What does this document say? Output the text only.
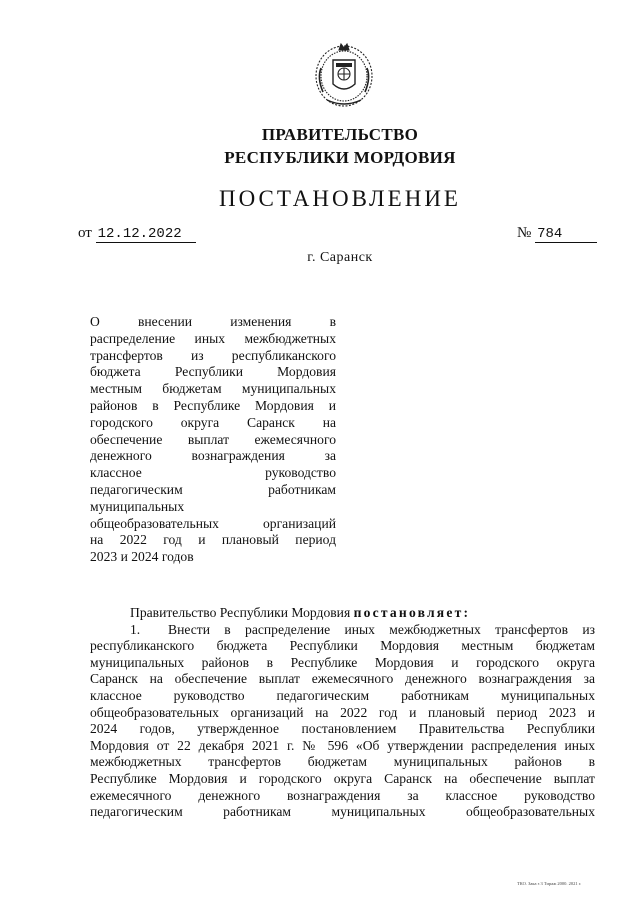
ПРАВИТЕЛЬСТВО
РЕСПУБЛИКИ МОРДОВИЯ
ПОСТАНОВЛЕНИЕ
от 12.12.2022	№ 784
г. Саранск
О внесении изменения в
распределение иных межбюджетных
трансфертов из республиканского
бюджета Республики Мордовия
местным бюджетам муниципальных
районов в Республике Мордовия и
городского округа Саранск на
обеспечение выплат ежемесячного
денежного вознаграждения за
классное руководство
педагогическим работникам
муниципальных
общеобразовательных организаций
на 2022 год и плановый период
2023 и 2024 годов
Правительство Республики Мордовия постановляет:
1. Внести в распределение иных межбюджетных трансфертов из
республиканского бюджета Республики Мордовия местным бюджетам
муниципальных районов в Республике Мордовия и городского округа
Саранск на обеспечение выплат ежемесячного денежного вознаграждения за
классное руководство педагогическим работникам муниципальных
общеобразовательных организаций на 2022 год и плановый период 2023 и
2024 годов, утвержденное постановлением Правительства Республики
Мордовия от 22 декабря 2021 г. № 596 «Об утверждении распределения иных
межбюджетных трансфертов бюджетам муниципальных районов в
Республике Мордовия и городского округа Саранск на обеспечение выплат
ежемесячного денежного вознаграждения за классное руководство
педагогическим работникам муниципальных общеобразовательных
ТКО. Зака з 3 Тираж 2000. 2021 г.
